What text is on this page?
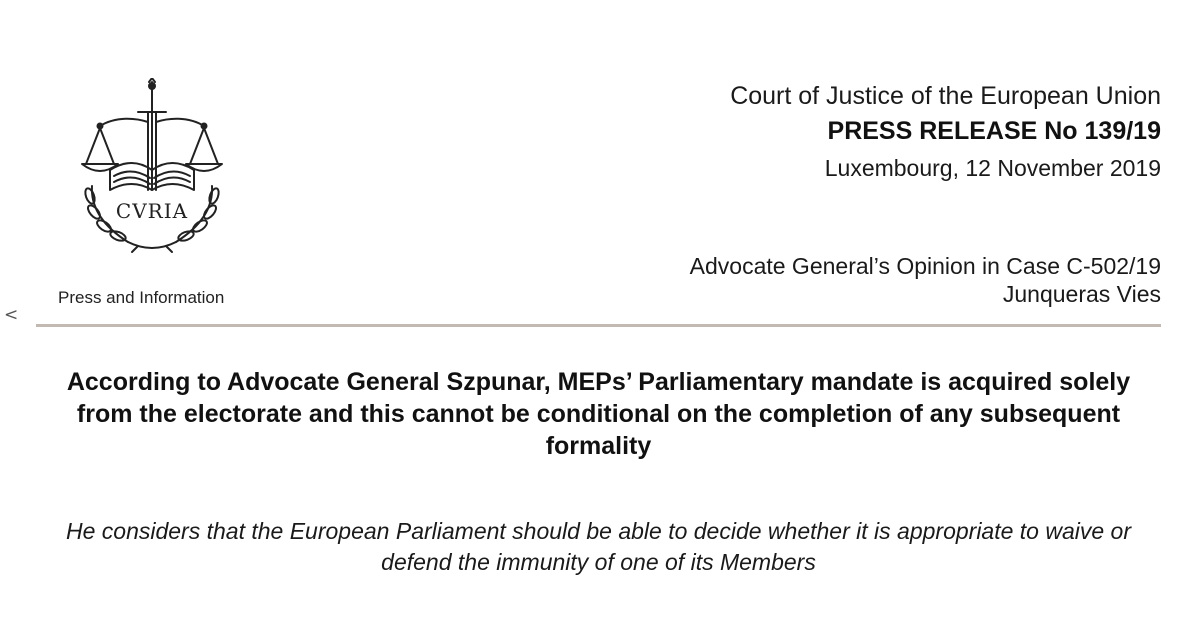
CVRIA
Press and Information
<
Court of Justice of the European Union
PRESS RELEASE No 139/19
Luxembourg, 12 November 2019
Advocate General’s Opinion in Case C-502/19
Junqueras Vies
According to Advocate General Szpunar, MEPs’ Parliamentary mandate is acquired solely from the electorate and this cannot be conditional on the completion of any subsequent formality
He considers that the European Parliament should be able to decide whether it is appropriate to waive or defend the immunity of one of its Members
